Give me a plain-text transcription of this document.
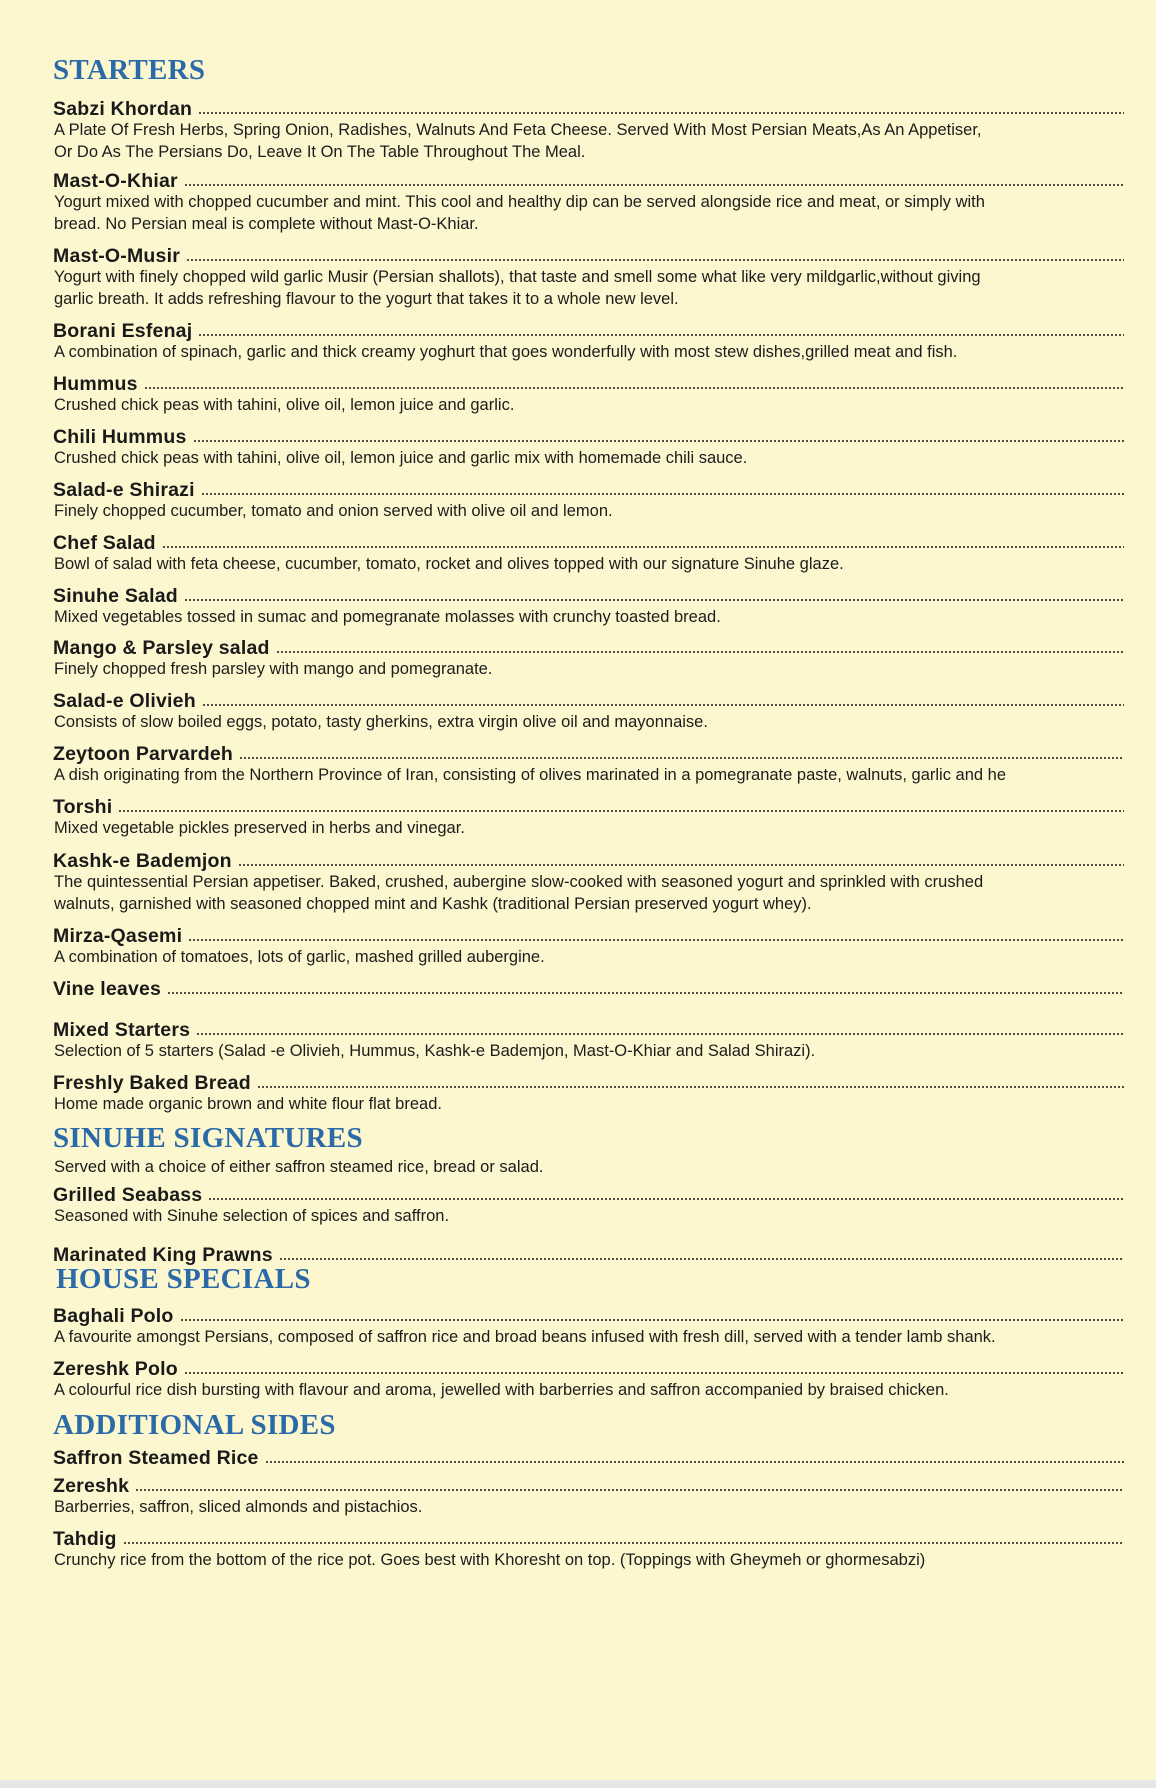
STARTERS
Sabzi Khordan
A Plate Of Fresh Herbs, Spring Onion, Radishes, Walnuts And Feta Cheese. Served With Most Persian Meats,As An Appetiser,
Or Do As The Persians Do, Leave It On The Table Throughout The Meal.
Mast-O-Khiar
Yogurt mixed with chopped cucumber and mint. This cool and healthy dip can be served alongside rice and meat, or simply with
bread. No Persian meal is complete without Mast-O-Khiar.
Mast-O-Musir
Yogurt with finely chopped wild garlic Musir (Persian shallots), that taste and smell some what like very mildgarlic,without giving
garlic breath. It adds refreshing flavour to the yogurt that takes it to a whole new level.
Borani Esfenaj
A combination of spinach, garlic and thick creamy yoghurt that goes wonderfully with most stew dishes,grilled meat and fish.
Hummus
Crushed chick peas with tahini, olive oil, lemon juice and garlic.
Chili Hummus
Crushed chick peas with tahini, olive oil, lemon juice and garlic mix with homemade chili sauce.
Salad-e Shirazi
Finely chopped cucumber, tomato and onion served with olive oil and lemon.
Chef Salad
Bowl of salad with feta cheese, cucumber, tomato, rocket and olives topped with our signature Sinuhe glaze.
Sinuhe Salad
Mixed vegetables tossed in sumac and pomegranate molasses with crunchy toasted bread.
Mango & Parsley salad
Finely chopped fresh parsley with mango and pomegranate.
Salad-e Olivieh
Consists of slow boiled eggs, potato, tasty gherkins, extra virgin olive oil and mayonnaise.
Zeytoon Parvardeh
A dish originating from the Northern Province of Iran, consisting of olives marinated in a pomegranate paste, walnuts, garlic and he
Torshi
Mixed vegetable pickles preserved in herbs and vinegar.
Kashk-e Bademjon
The quintessential Persian appetiser. Baked, crushed, aubergine slow-cooked with seasoned yogurt and sprinkled with crushed
walnuts, garnished with seasoned chopped mint and Kashk (traditional Persian preserved yogurt whey).
Mirza-Qasemi
A combination of tomatoes, lots of garlic, mashed grilled aubergine.
Vine leaves
Mixed Starters
Selection of 5 starters (Salad -e Olivieh, Hummus, Kashk-e Bademjon, Mast-O-Khiar and Salad Shirazi).
Freshly Baked Bread
Home made organic brown and white flour flat bread.
SINUHE SIGNATURES
Served with a choice of either saffron steamed rice, bread or salad.
Grilled Seabass
Seasoned with Sinuhe selection of spices and saffron.
Marinated King Prawns
HOUSE SPECIALS
Baghali Polo
A favourite amongst Persians, composed of saffron rice and broad beans infused with fresh dill, served with a tender lamb shank.
Zereshk Polo
A colourful rice dish bursting with flavour and aroma, jewelled with barberries and saffron accompanied by braised chicken.
ADDITIONAL SIDES
Saffron Steamed Rice
Zereshk
Barberries, saffron, sliced almonds and pistachios.
Tahdig
Crunchy rice from the bottom of the rice pot. Goes best with Khoresht on top. (Toppings with Gheymeh or ghormesabzi)
